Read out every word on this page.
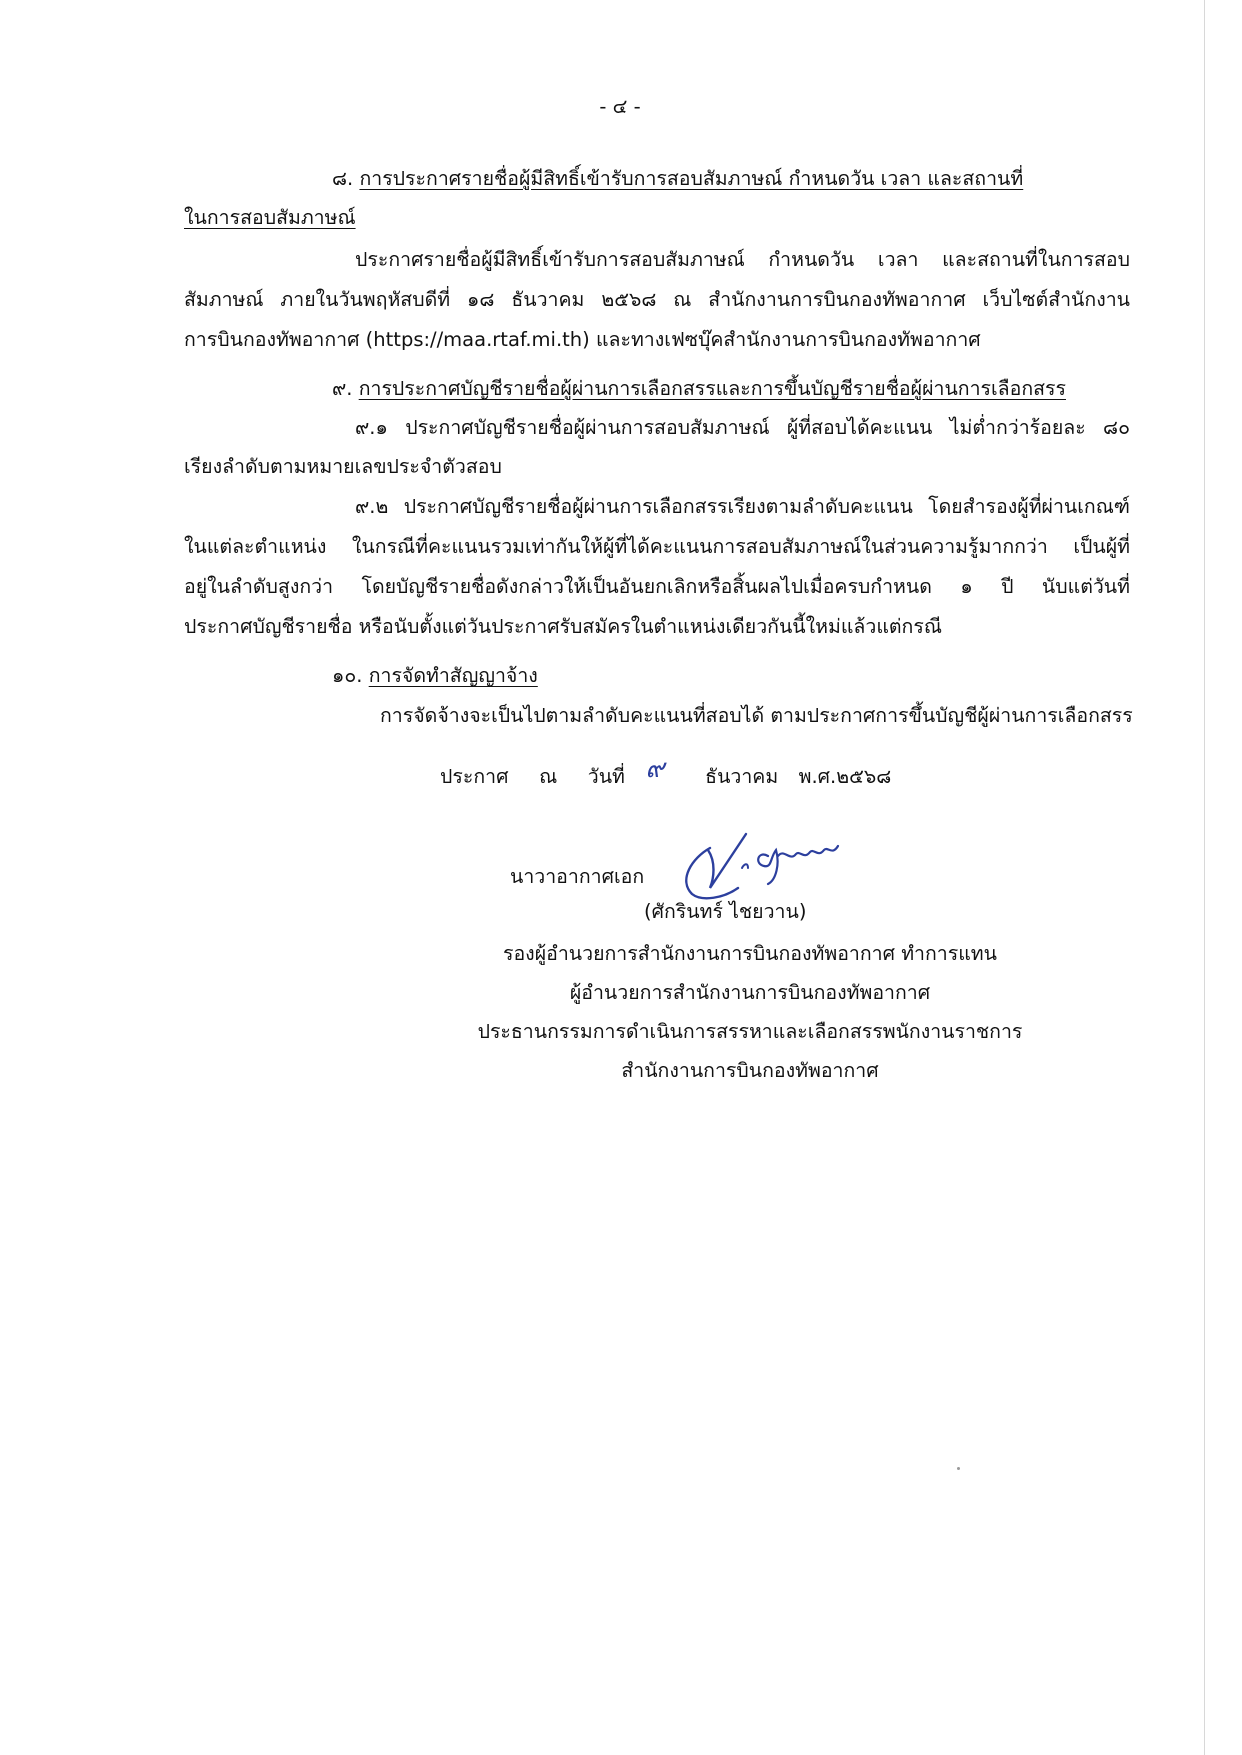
- ๔ -
๘. การประกาศรายชื่อผู้มีสิทธิ์เข้ารับการสอบสัมภาษณ์ กำหนดวัน เวลา และสถานที่
ในการสอบสัมภาษณ์
ประกาศรายชื่อผู้มีสิทธิ์เข้ารับการสอบสัมภาษณ์ กำหนดวัน เวลา และสถานที่ในการสอบ
สัมภาษณ์ ภายในวันพฤหัสบดีที่ ๑๘ ธันวาคม ๒๕๖๘ ณ สำนักงานการบินกองทัพอากาศ เว็บไซต์สำนักงาน
การบินกองทัพอากาศ (https://maa.rtaf.mi.th) และทางเฟซบุ๊คสำนักงานการบินกองทัพอากาศ
๙. การประกาศบัญชีรายชื่อผู้ผ่านการเลือกสรรและการขึ้นบัญชีรายชื่อผู้ผ่านการเลือกสรร
๙.๑ ประกาศบัญชีรายชื่อผู้ผ่านการสอบสัมภาษณ์ ผู้ที่สอบได้คะแนน ไม่ต่ำกว่าร้อยละ ๘๐
เรียงลำดับตามหมายเลขประจำตัวสอบ
๙.๒ ประกาศบัญชีรายชื่อผู้ผ่านการเลือกสรรเรียงตามลำดับคะแนน โดยสำรองผู้ที่ผ่านเกณฑ์
ในแต่ละตำแหน่ง ในกรณีที่คะแนนรวมเท่ากันให้ผู้ที่ได้คะแนนการสอบสัมภาษณ์ในส่วนความรู้มากกว่า เป็นผู้ที่
อยู่ในลำดับสูงกว่า โดยบัญชีรายชื่อดังกล่าวให้เป็นอันยกเลิกหรือสิ้นผลไปเมื่อครบกำหนด ๑ ปี นับแต่วันที่
ประกาศบัญชีรายชื่อ หรือนับตั้งแต่วันประกาศรับสมัครในตำแหน่งเดียวกันนี้ใหม่แล้วแต่กรณี
๑๐. การจัดทำสัญญาจ้าง
การจัดจ้างจะเป็นไปตามลำดับคะแนนที่สอบได้ ตามประกาศการขึ้นบัญชีผู้ผ่านการเลือกสรร
ประกาศ ณ วันที่ ๙ ธันวาคม พ.ศ.๒๕๖๘
นาวาอากาศเอก
(ศักรินทร์ ไชยวาน)
รองผู้อำนวยการสำนักงานการบินกองทัพอากาศ ทำการแทน
ผู้อำนวยการสำนักงานการบินกองทัพอากาศ
ประธานกรรมการดำเนินการสรรหาและเลือกสรรพนักงานราชการ
สำนักงานการบินกองทัพอากาศ
